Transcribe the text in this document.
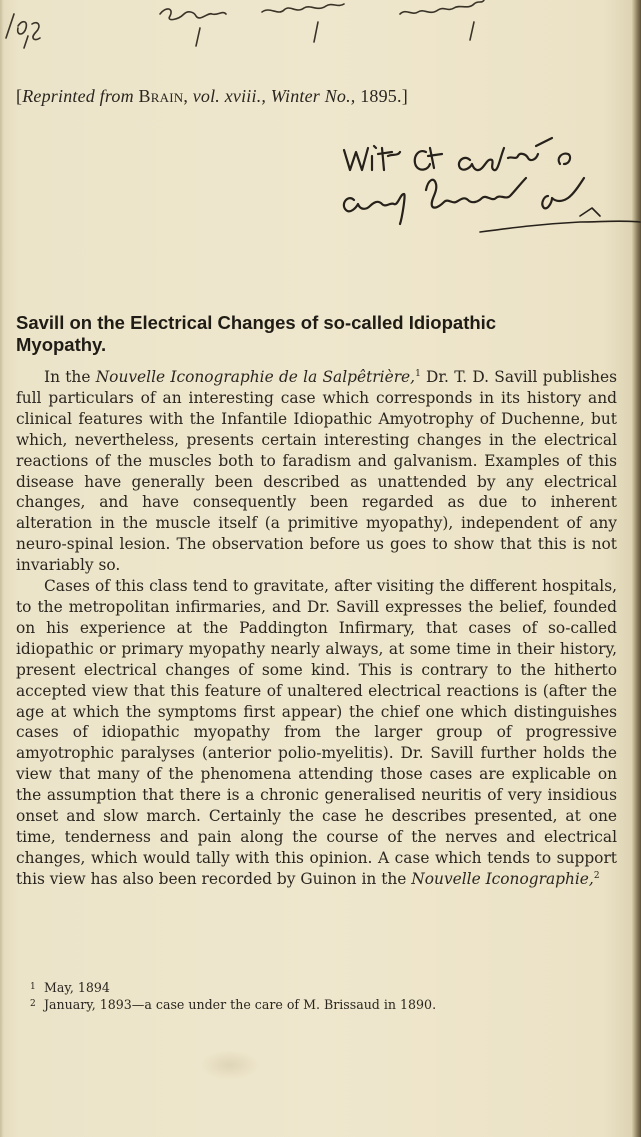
[Reprinted from Brain, vol. xviii., Winter No., 1895.]
Savill on the Electrical Changes of so-called Idiopathic
Myopathy.

In the Nouvelle Iconographie de la Salpêtrière,$^1$ Dr. T. D. Savill publishes full particulars of an interesting case which corresponds in its history and clinical features with the Infantile Idiopathic Amyotrophy of Duchenne, but which, nevertheless, presents certain interesting changes in the electrical reactions of the muscles both to faradism and galvanism. Examples of this disease have generally been described as unattended by any electrical changes, and have consequently been regarded as due to inherent alteration in the muscle itself (a primitive myopathy), independent of any neuro-spinal lesion. The observation before us goes to show that this is not invariably so.

Cases of this class tend to gravitate, after visiting the different hospitals, to the metropolitan infirmaries, and Dr. Savill expresses the belief, founded on his experience at the Paddington Infirmary, that cases of so-called idiopathic or primary myopathy nearly always, at some time in their history, present electrical changes of some kind. This is contrary to the hitherto accepted view that this feature of unaltered electrical reactions is (after the age at which the symptoms first appear) the chief one which distinguishes cases of idiopathic myopathy from the larger group of progressive amyotrophic paralyses (anterior polio-myelitis). Dr. Savill further holds the view that many of the phenomena attending those cases are explicable on the assumption that there is a chronic generalised neuritis of very insidious onset and slow march. Certainly the case he describes presented, at one time, tenderness and pain along the course of the nerves and electrical changes, which would tally with this opinion. A case which tends to support this view has also been recorded by Guinon in the Nouvelle Iconographie,$^2$

1 May, 1894
2 January, 1893—a case under the care of M. Brissaud in 1890.
